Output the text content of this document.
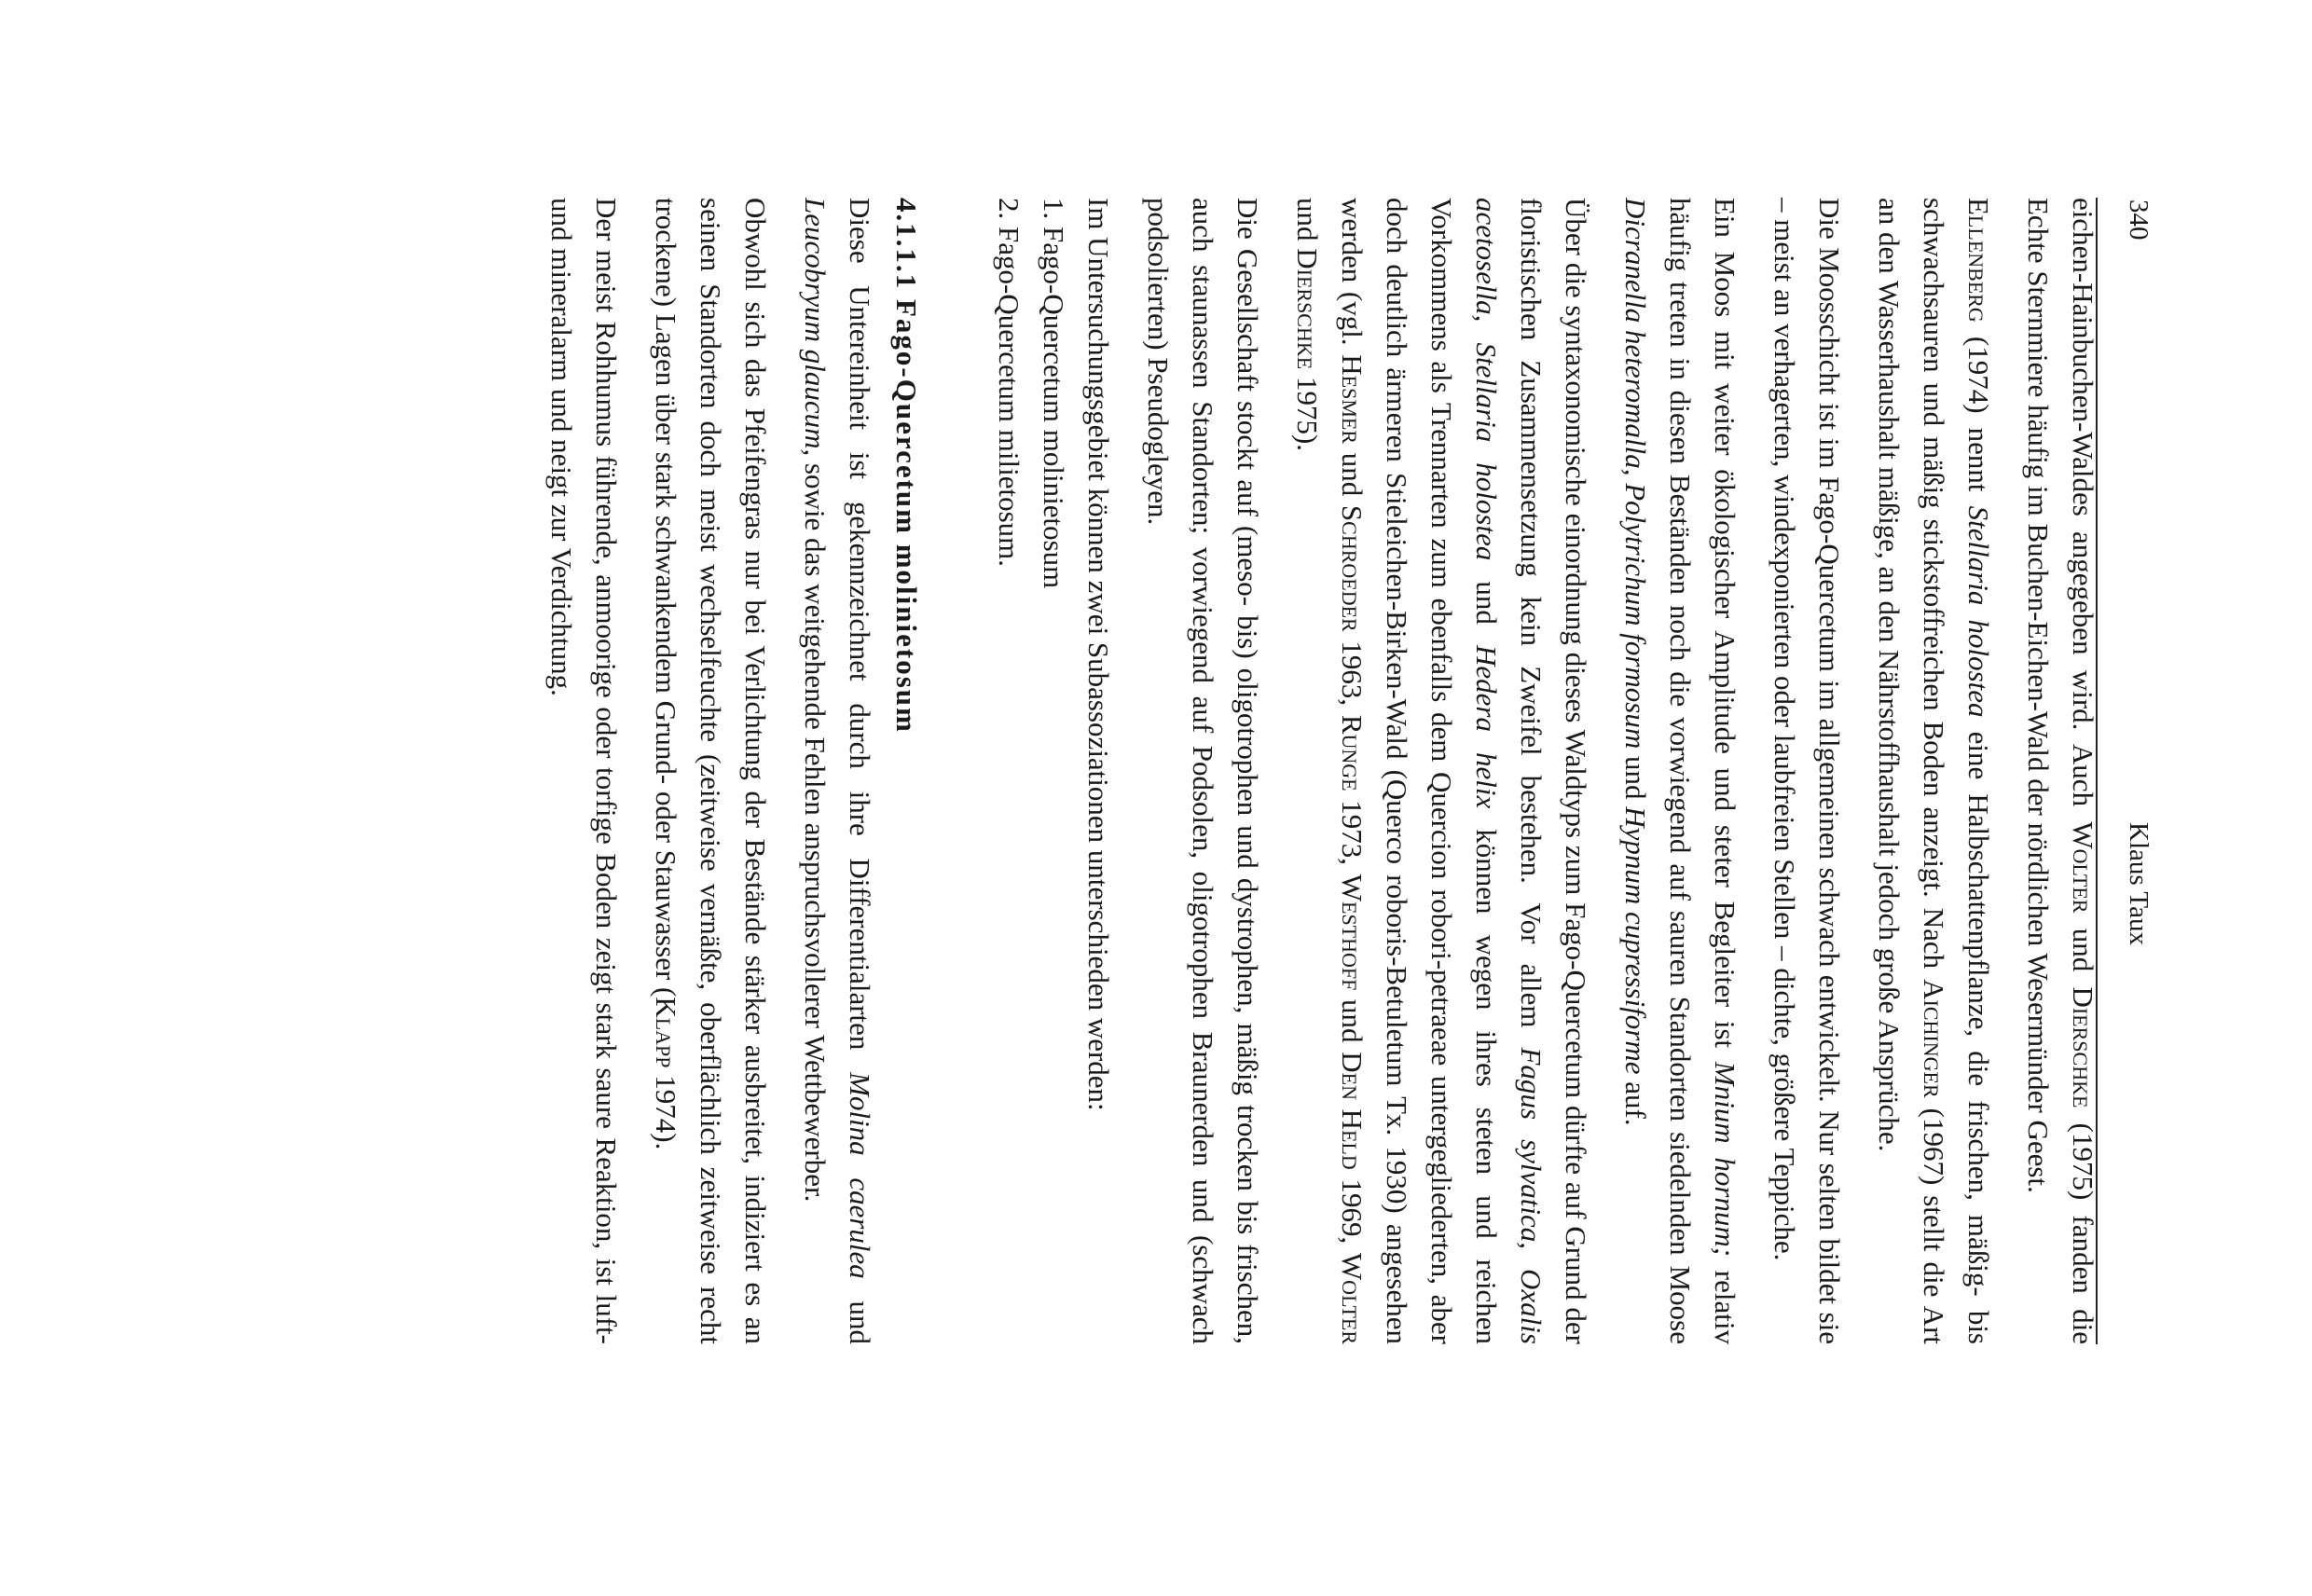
340
Klaus Taux

eichen-Hainbuchen-Waldes angegeben wird. Auch Wolter und Dierschke (1975) fanden die Echte Sternmiere häufig im Buchen-Eichen-Wald der nördlichen Wesermünder Geest.

Ellenberg (1974) nennt Stellaria holostea eine Halbschattenpflanze, die frischen, mäßig- bis schwachsauren und mäßig stickstoffreichen Boden anzeigt. Nach Aichinger (1967) stellt die Art an den Wasserhaushalt mäßige, an den Nährstoffhaushalt jedoch große Ansprüche.

Die Moosschicht ist im Fago-Quercetum im allgemeinen schwach entwickelt. Nur selten bildet sie – meist an verhagerten, windexponierten oder laubfreien Stellen – dichte, größere Teppiche.

Ein Moos mit weiter ökologischer Amplitude und steter Begleiter ist Mnium hornum; relativ häufig treten in diesen Beständen noch die vorwiegend auf sauren Standorten siedelnden Moose Dicranella heteromalla, Polytrichum formosum und Hypnum cupressiforme auf.

Über die syntaxonomische einordnung dieses Waldtyps zum Fago-Quercetum dürfte auf Grund der floristischen Zusammensetzung kein Zweifel bestehen. Vor allem Fagus sylvatica, Oxalis acetosella, Stellaria holostea und Hedera helix können wegen ihres steten und reichen Vorkommens als Trennarten zum ebenfalls dem Quercion robori-petraeae untergegliederten, aber doch deutlich ärmeren Stieleichen-Birken-Wald (Querco roboris-Betuletum Tx. 1930) angesehen werden (vgl. Hesmer und Schroeder 1963, Runge 1973, Westhoff und Den Held 1969, Wolter und Dierschke 1975).

Die Gesellschaft stockt auf (meso- bis) oligotrophen und dystrophen, mäßig trocken bis frischen, auch staunassen Standorten; vorwiegend auf Podsolen, oligotrophen Braunerden und (schwach podsolierten) Pseudogleyen.

Im Untersuchungsgebiet können zwei Subassoziationen unterschieden werden:

1. Fago-Quercetum molinietosum

2. Fago-Quercetum milietosum.

4.1.1.1 Fago-Quercetum molinietosum

Diese Untereinheit ist gekennzeichnet durch ihre Differentialarten Molina caerulea und Leucobryum glaucum, sowie das weitgehende Fehlen anspruchsvollerer Wettbewerber.

Obwohl sich das Pfeifengras nur bei Verlichtung der Bestände stärker ausbreitet, indiziert es an seinen Standorten doch meist wechselfeuchte (zeitweise vernäßte, oberflächlich zeitweise recht trockene) Lagen über stark schwankendem Grund- oder Stauwasser (Klapp 1974).

Der meist Rohhumus führende, anmoorige oder torfige Boden zeigt stark saure Reaktion, ist luft- und mineralarm und neigt zur Verdichtung.
